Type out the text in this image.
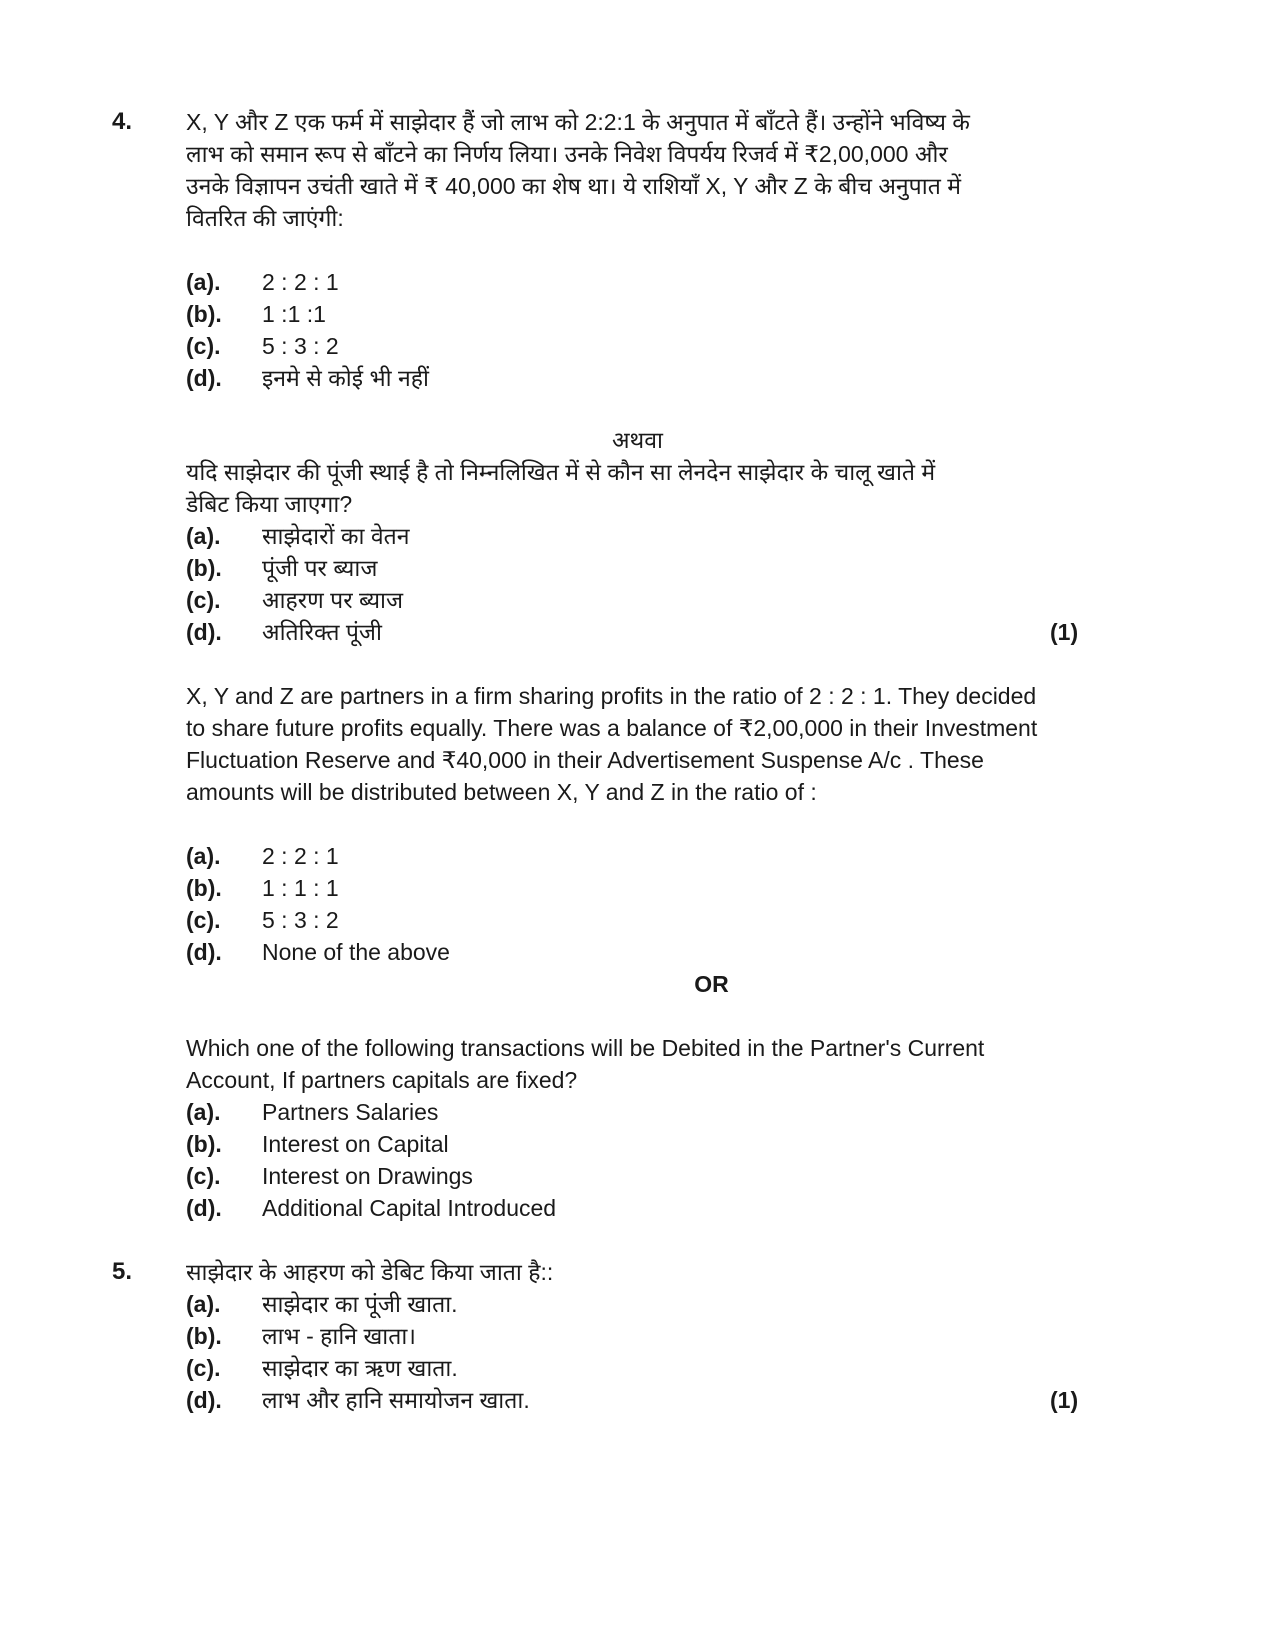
4. X, Y और Z एक फर्म में साझेदार हैं जो लाभ को 2:2:1 के अनुपात में बाँटते हैं। उन्होंने भविष्य के
लाभ को समान रूप से बाँटने का निर्णय लिया। उनके निवेश विपर्यय रिजर्व में ₹2,00,000 और
उनके विज्ञापन उचंती खाते में ₹ 40,000 का शेष था। ये राशियाँ X, Y और Z के बीच अनुपात में
वितरित की जाएंगी:
(a). 2 : 2 : 1
(b). 1 :1 :1
(c). 5 : 3 : 2
(d). इनमे से कोई भी नहीं
अथवा
यदि साझेदार की पूंजी स्थाई है तो निम्नलिखित में से कौन सा लेनदेन साझेदार के चालू खाते में
डेबिट किया जाएगा?
(a). साझेदारों का वेतन
(b). पूंजी पर ब्याज
(c). आहरण पर ब्याज
(d). अतिरिक्त पूंजी	(1)
X, Y and Z are partners in a firm sharing profits in the ratio of 2 : 2 : 1. They decided
to share future profits equally. There was a balance of ₹2,00,000 in their Investment
Fluctuation Reserve and ₹40,000 in their Advertisement Suspense A/c . These
amounts will be distributed between X, Y and Z in the ratio of :
(a). 2 : 2 : 1
(b). 1 : 1 : 1
(c). 5 : 3 : 2
(d). None of the above
OR
Which one of the following transactions will be Debited in the Partner's Current
Account, If partners capitals are fixed?
(a). Partners Salaries
(b). Interest on Capital
(c). Interest on Drawings
(d). Additional Capital Introduced
5. साझेदार के आहरण को डेबिट किया जाता है::
(a). साझेदार का पूंजी खाता.
(b). लाभ - हानि खाता।
(c). साझेदार का ऋण खाता.
(d). लाभ और हानि समायोजन खाता.	(1)
